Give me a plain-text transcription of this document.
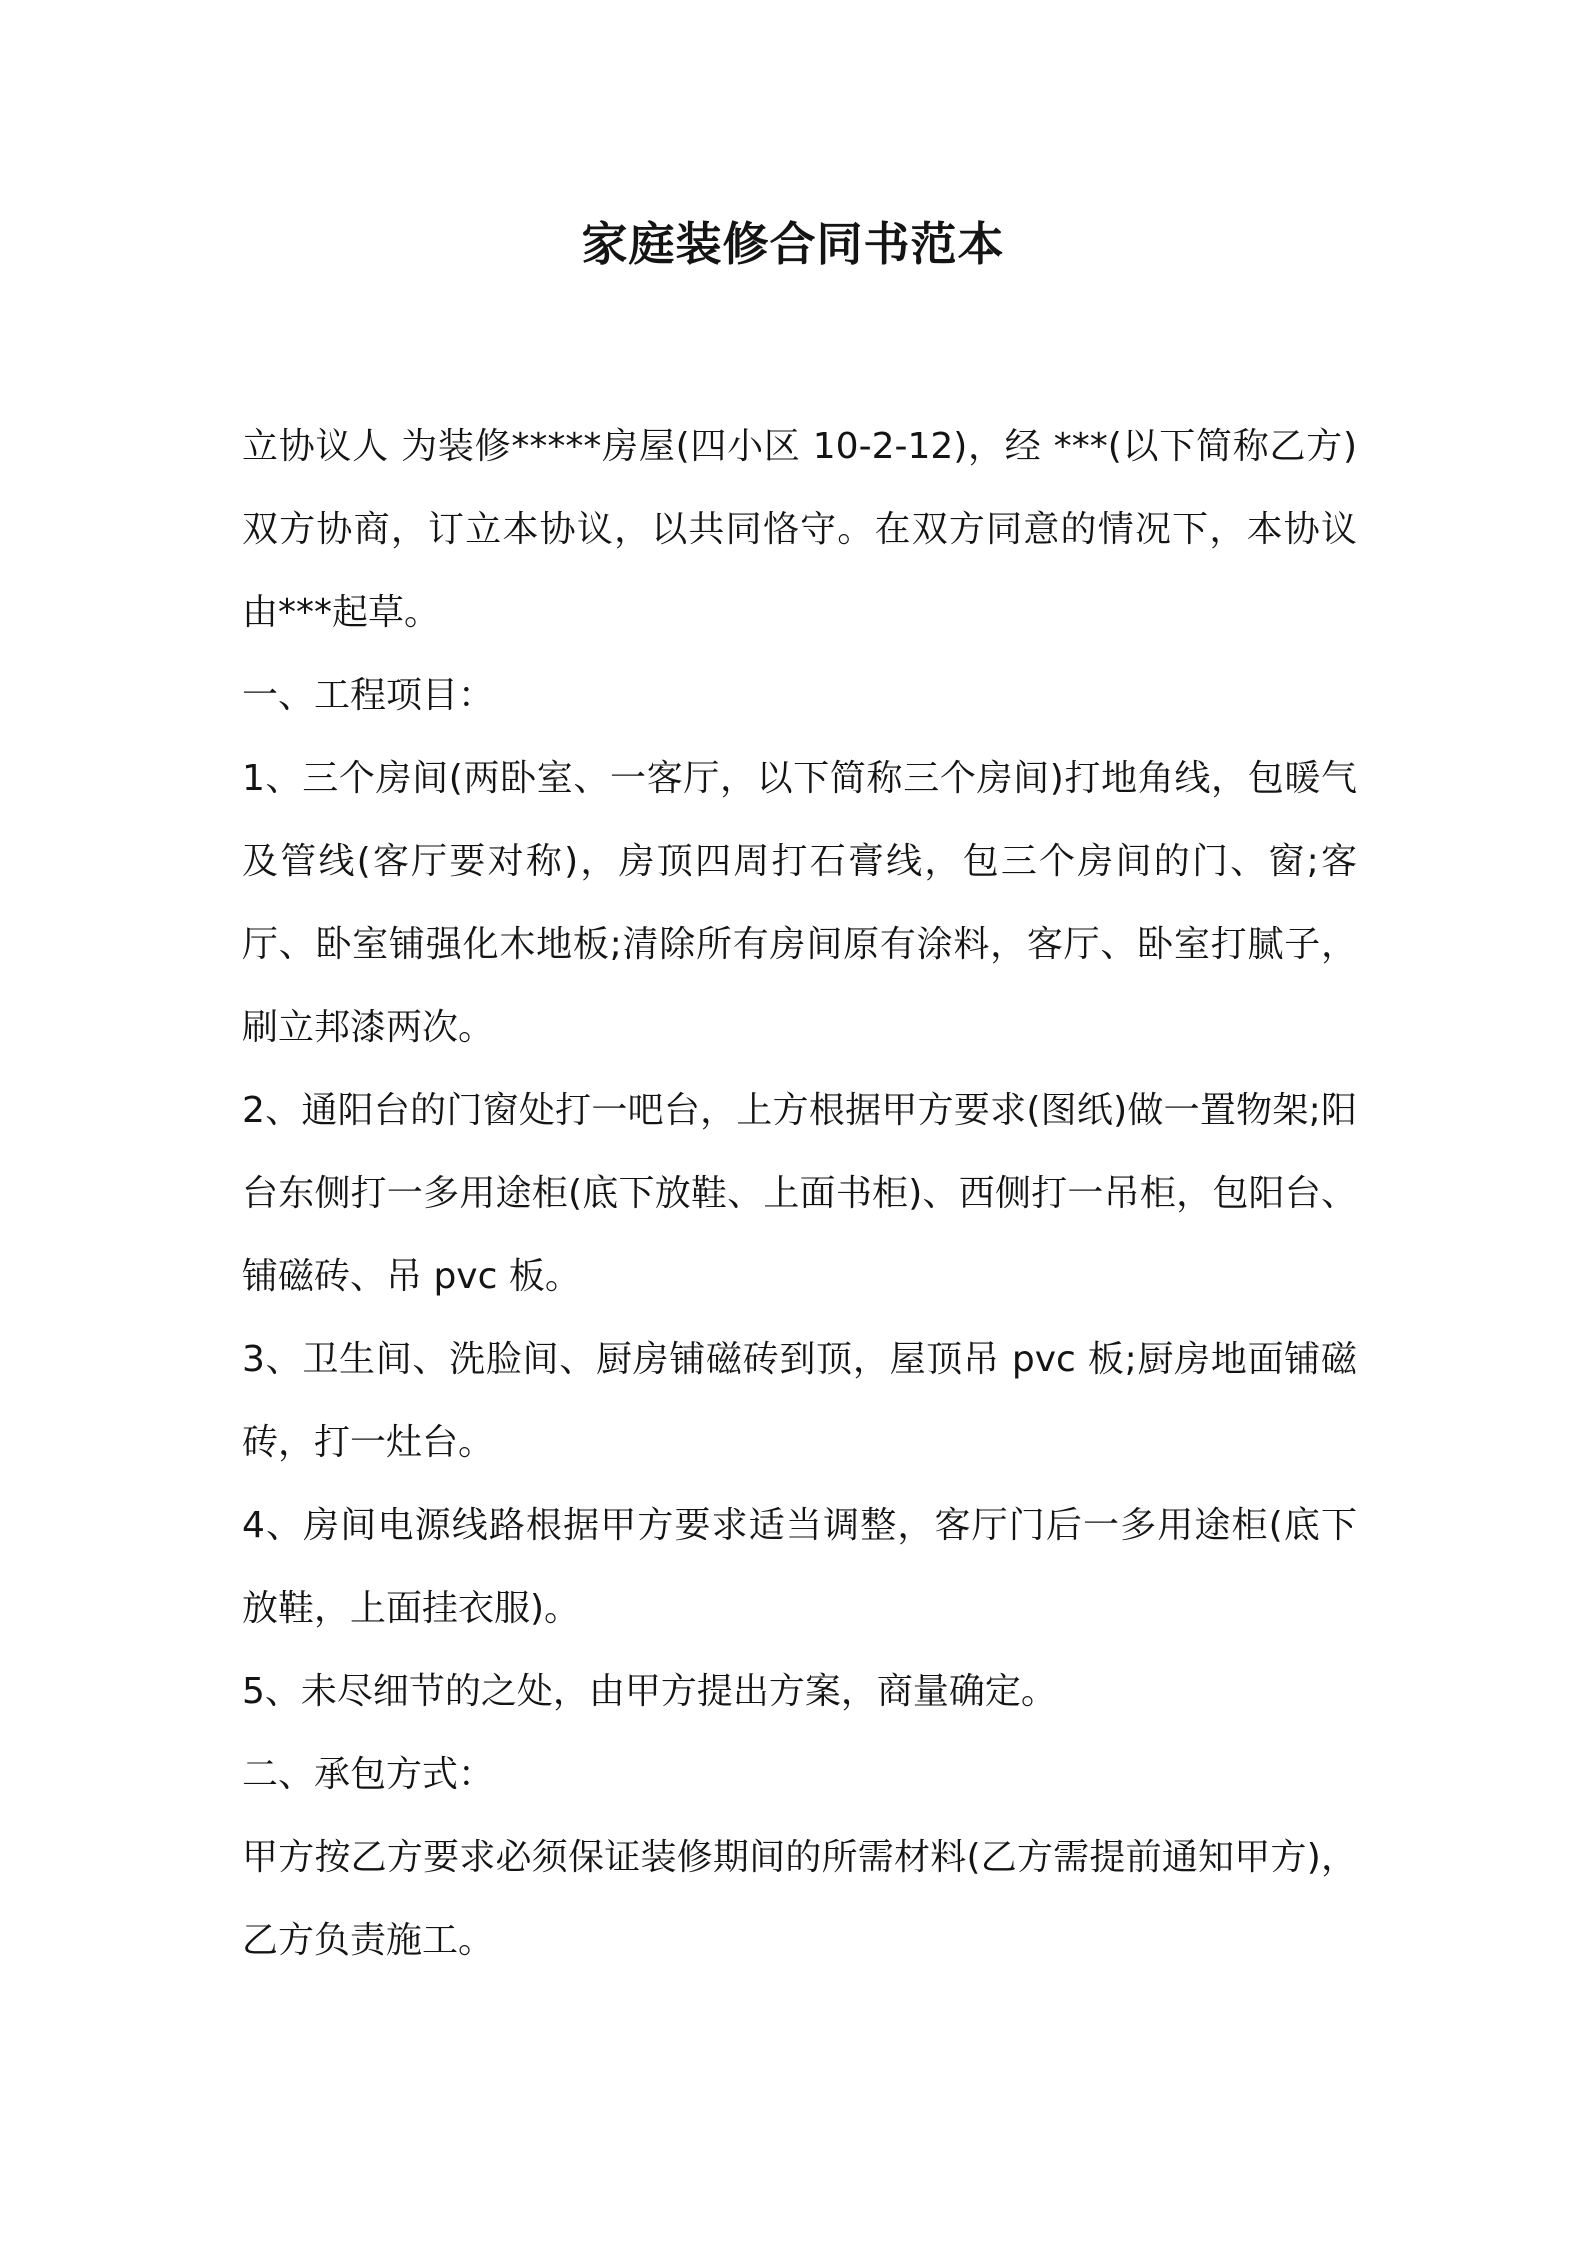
家庭装修合同书范本

立协议人 为装修*****房屋(四小区 10-2-12)，经 ***(以下简称乙方)双方协商，订立本协议，以共同恪守。在双方同意的情况下，本协议由***起草。

一、工程项目：

1、三个房间(两卧室、一客厅，以下简称三个房间)打地角线，包暖气及管线(客厅要对称)，房顶四周打石膏线，包三个房间的门、窗;客厅、卧室铺强化木地板;清除所有房间原有涂料，客厅、卧室打腻子，刷立邦漆两次。

2、通阳台的门窗处打一吧台，上方根据甲方要求(图纸)做一置物架;阳台东侧打一多用途柜(底下放鞋、上面书柜)、西侧打一吊柜，包阳台、铺磁砖、吊 pvc 板。

3、卫生间、洗脸间、厨房铺磁砖到顶，屋顶吊 pvc 板;厨房地面铺磁砖，打一灶台。

4、房间电源线路根据甲方要求适当调整，客厅门后一多用途柜(底下放鞋，上面挂衣服)。

5、未尽细节的之处，由甲方提出方案，商量确定。

二、承包方式：

甲方按乙方要求必须保证装修期间的所需材料(乙方需提前通知甲方)，乙方负责施工。
